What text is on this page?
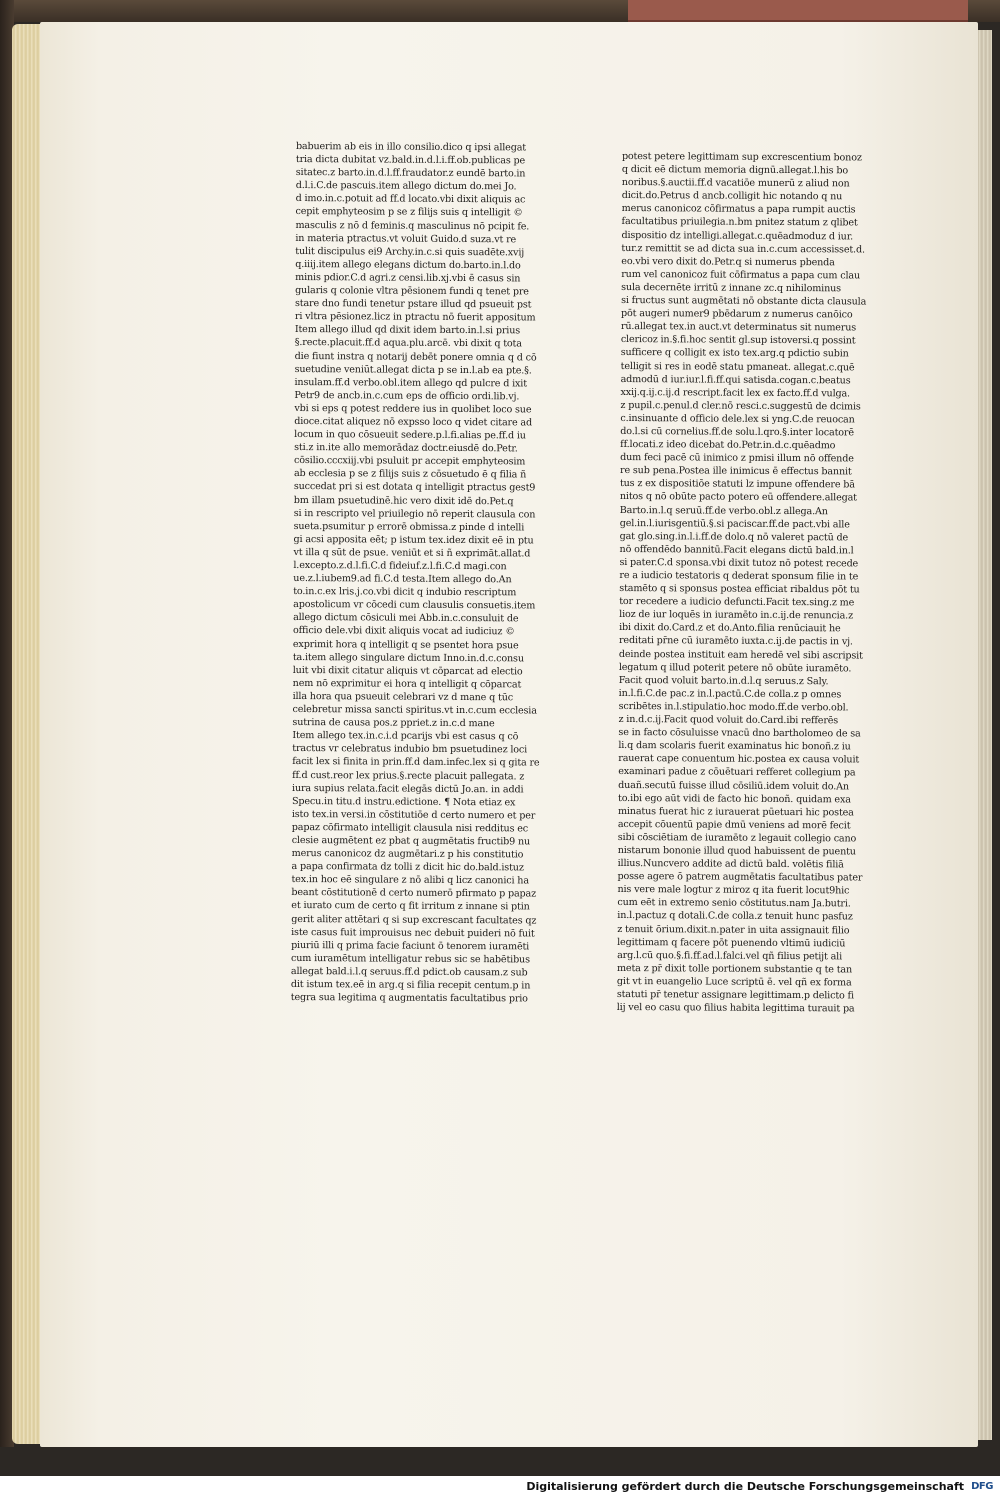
babuerim ab eis in illo consilio.dico q ipsi allegat
tria dicta dubitat vz.bald.in.d.l.i.ff.ob.publicas pe
sitatec.z barto.in.d.l.ff.fraudator.z eundē barto.in
d.l.i.C.de pascuis.item allego dictum do.mei Jo.
d imo.in.c.potuit ad ff.d locato.vbi dixit aliquis ac
cepit emphyteosim p se z filijs suis q intelligit ©
masculis z nō d feminis.q masculinus nō pcipit fe.
in materia ptractus.vt voluit Guido.d suza.vt re
tulit discipulus ei9 Archy.in.c.si quis suadēte.xvij
q.iiij.item allego elegans dictum do.barto.in.l.do
minis pdior.C.d agri.z censi.lib.xj.vbi ē casus sin
gularis q colonie vltra pēsionem fundi q tenet pre
stare dno fundi tenetur pstare illud qd psueuit pst
ri vltra pēsionez.licz in ptractu nō fuerit appositum
Item allego illud qd dixit idem barto.in.l.si prius
§.recte.placuit.ff.d aqua.plu.arcē. vbi dixit q tota
die fiunt instra q notarij debēt ponere omnia q d cō
suetudine veniūt.allegat dicta p se in.l.ab ea pte.§.
insulam.ff.d verbo.obl.item allego qd pulcre d ixit
Petr9 de ancb.in.c.cum eps de officio ordi.lib.vj.
vbi si eps q potest reddere ius in quolibet loco sue
dioce.citat aliquez nō expsso loco q videt citare ad
locum in quo cōsueuit sedere.p.l.fi.alias pe.ff.d iu
sti.z in.ite allo memorādaz doctr.eiusdē do.Petr.
cōsilio.cccxiij.vbi psuluit pr accepit emphyteosim
ab ecclesia p se z filijs suis z cōsuetudo ē q filia ñ
succedat pri si est dotata q intelligit ptractus gest9
bm illam psuetudinē.hic vero dixit idē do.Pet.q
si in rescripto vel priuilegio nō reperit clausula con
sueta.psumitur p errorē obmissa.z pinde d intelli
gi acsi apposita eēt; p istum tex.idez dixit eē in ptu
vt illa q sūt de psue. veniūt et si ñ exprimāt.allat.d
l.excepto.z.d.l.fi.C.d fideiuf.z.l.fi.C.d magi.con
ue.z.l.iubem9.ad fi.C.d testa.Item allego do.An
to.in.c.ex lris.j.co.vbi dicit q indubio rescriptum
apostolicum vr cōcedi cum clausulis consuetis.item
allego dictum cōsiculi mei Abb.in.c.consuluit de
officio dele.vbi dixit aliquis vocat ad iudiciuz ©
exprimit hora q intelligit q se psentet hora psue
ta.item allego singulare dictum Inno.in.d.c.consu
luit vbi dixit citatur aliquis vt cōparcat ad electio
nem nō exprimitur ei hora q intelligit q cōparcat
illa hora qua psueuit celebrari vz d mane q tūc
celebretur missa sancti spiritus.vt in.c.cum ecclesia
sutrina de causa pos.z ppriet.z in.c.d mane
Item allego tex.in.c.i.d pcarijs vbi est casus q cō
tractus vr celebratus indubio bm psuetudinez loci
facit lex si finita in prin.ff.d dam.infec.lex si q gita re
ff.d cust.reor lex prius.§.recte placuit pallegata. z
iura supius relata.facit elegās dictū Jo.an. in addi
Specu.in titu.d instru.edictione. ¶ Nota etiaz ex
isto tex.in versi.in cōstitutiōe d certo numero et per
papaz cōfirmato intelligit clausula nisi redditus ec
clesie augmētent ez pbat q augmētatis fructib9 nu
merus canonicoz dz augmētari.z p his constitutio
a papa confirmata dz tolli z dicit hic do.bald.istuz
tex.in hoc eē singulare z nō alibi q licz canonici ha
beant cōstitutionē d certo numerō pfirmato p papaz
et iurato cum de certo q fit irritum z innane si ptin
gerit aliter attētari q si sup excrescant facultates qz
iste casus fuit improuisus nec debuit puideri nō fuit
piuriū illi q prima facie faciunt ō tenorem iuramēti
cum iuramētum intelligatur rebus sic se habētibus
allegat bald.i.l.q seruus.ff.d pdict.ob causam.z sub
dit istum tex.eē in arg.q si filia recepit centum.p in
tegra sua legitima q augmentatis facultatibus prio
potest petere legittimam sup excrescentium bonoz
q dicit eē dictum memoria dignū.allegat.l.his bo
noribus.§.auctii.ff.d vacatiōe munerū z aliud non
dicit.do.Petrus d ancb.colligit hic notando q nu
merus canonicoz cōfirmatus a papa rumpit auctis
facultatibus priuilegia.n.bm pnitez statum z qlibet
dispositio dz intelligi.allegat.c.quēadmoduz d iur.
tur.z remittit se ad dicta sua in.c.cum accessisset.d.
eo.vbi vero dixit do.Petr.q si numerus pbenda
rum vel canonicoz fuit cōfirmatus a papa cum clau
sula decernēte irritū z innane zc.q nihilominus
si fructus sunt augmētati nō obstante dicta clausula
pōt augeri numer9 pbēdarum z numerus canōico
rū.allegat tex.in auct.vt determinatus sit numerus
clericoz in.§.fi.hoc sentit gl.sup istoversi.q possint
sufficere q colligit ex isto tex.arg.q pdictio subin
telligit si res in eodē statu pmaneat. allegat.c.quē
admodū d iur.iur.l.fi.ff.qui satisda.cogan.c.beatus
xxij.q.ij.c.ij.d rescript.facit lex ex facto.ff.d vulga.
z pupil.c.penul.d cler.nō resci.c.suggestū de dcimis
c.insinuante d officio dele.lex si yng.C.de reuocan
do.l.si cū cornelius.ff.de solu.l.qro.§.inter locatorē
ff.locati.z ideo dicebat do.Petr.in.d.c.quēadmo
dum feci pacē cū inimico z pmisi illum nō offende
re sub pena.Postea ille inimicus ē effectus bannit
tus z ex dispositiōe statuti lz impune offendere bā
nitos q nō obūte pacto potero eū offendere.allegat
Barto.in.l.q seruū.ff.de verbo.obl.z allega.An
gel.in.l.iurisgentiū.§.si paciscar.ff.de pact.vbi alle
gat glo.sing.in.l.i.ff.de dolo.q nō valeret pactū de
nō offendēdo bannitū.Facit elegans dictū bald.in.l
si pater.C.d sponsa.vbi dixit tutoz nō potest recede
re a iudicio testatoris q dederat sponsum filie in te
stamēto q si sponsus postea efficiat ribaldus pōt tu
tor recedere a iudicio defuncti.Facit tex.sing.z me
lioz de iur loquēs in iuramēto in.c.ij.de renuncia.z
ibi dixit do.Card.z et do.Anto.filia renūciauit he
reditati pr̄ne cū iuramēto iuxta.c.ij.de pactis in vj.
deinde postea instituit eam heredē vel sibi ascripsit
legatum q illud poterit petere nō obūte iuramēto.
Facit quod voluit barto.in.d.l.q seruus.z Saly.
in.l.fi.C.de pac.z in.l.pactū.C.de colla.z p omnes
scribētes in.l.stipulatio.hoc modo.ff.de verbo.obl.
z in.d.c.ij.Facit quod voluit do.Card.ibi refferēs
se in facto cōsuluisse vnacū dno bartholomeo de sa
li.q dam scolaris fuerit examinatus hic bonoñ.z iu
rauerat cape conuentum hic.postea ex causa voluit
examinari padue z cōuētuari refferet collegium pa
duañ.secutū fuisse illud cōsiliū.idem voluit do.An
to.ibi ego aūt vidi de facto hic bonoñ. quidam exa
minatus fuerat hic z iurauerat pūetuari hic postea
accepit cōuentū papie dmū veniens ad morē fecit
sibi cōsciētiam de iuramēto z legauit collegio cano
nistarum bononie illud quod habuissent de puentu
illius.Nuncvero addite ad dictū bald. volētis filiā
posse agere ō patrem augmētatis facultatibus pater
nis vere male logtur z miroz q ita fuerit locut9hic
cum eēt in extremo senio cōstitutus.nam Ja.butri.
in.l.pactuz q dotali.C.de colla.z tenuit hunc pasfuz
z tenuit ōrium.dixit.n.pater in uita assignauit filio
legittimam q facere pōt puenendo vltimū iudiciū
arg.l.cū quo.§.fi.ff.ad.l.falci.vel qñ filius petijt ali
meta z pr̄ dixit tolle portionem substantie q te tan
git vt in euangelio Luce scriptū ē. vel qñ ex forma
statuti pr̄ tenetur assignare legittimam.p delicto fi
lij vel eo casu quo filius habita legittima turauit pa
Digitalisierung gefördert durch die Deutsche Forschungsgemeinschaft DFG
